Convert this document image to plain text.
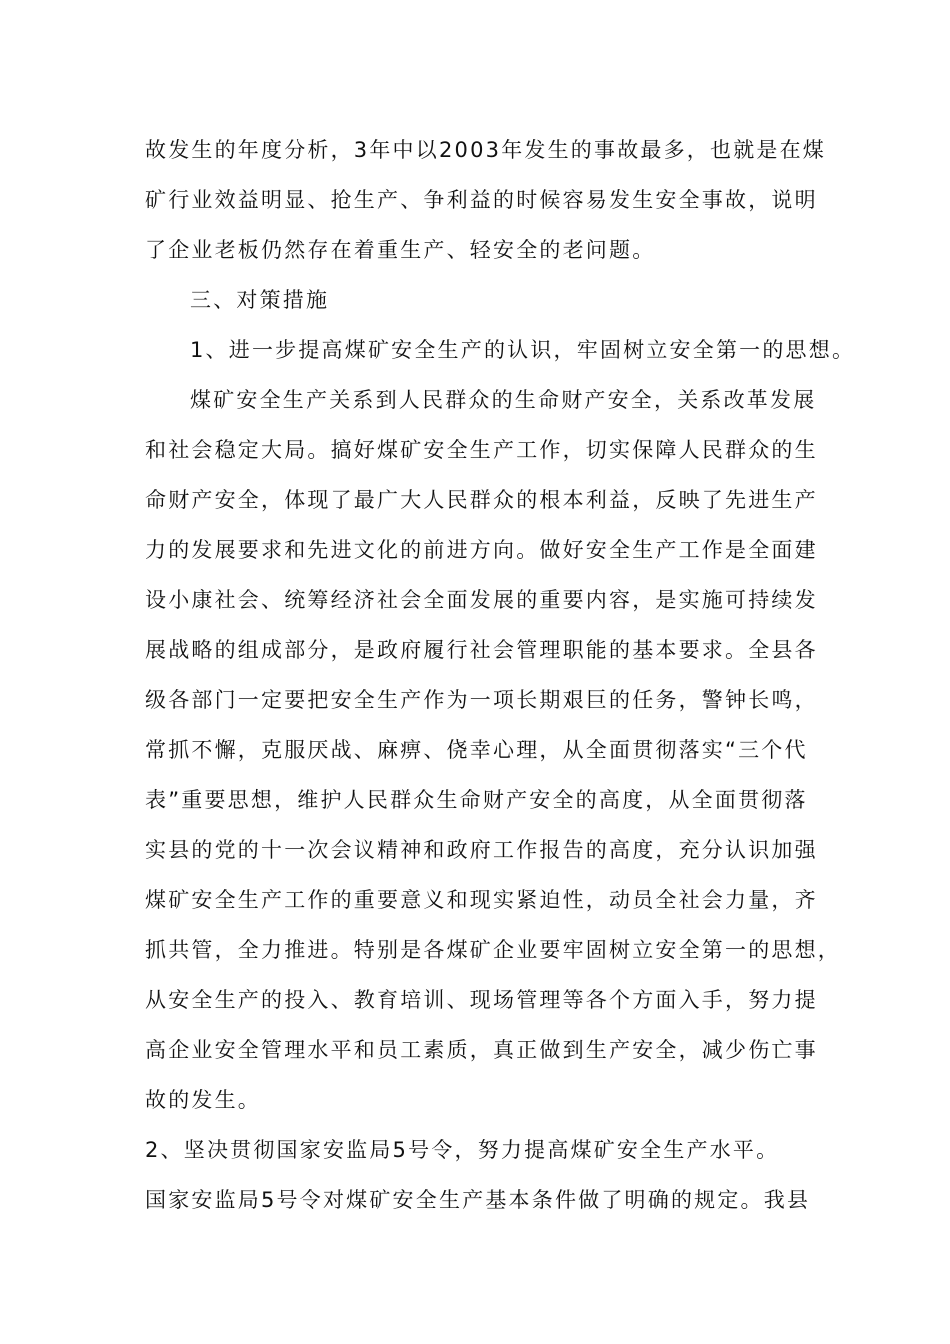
故发生的年度分析，3年中以2003年发生的事故最多，也就是在煤
矿行业效益明显、抢生产、争利益的时候容易发生安全事故，说明
了企业老板仍然存在着重生产、轻安全的老问题。
三、对策措施
1、进一步提高煤矿安全生产的认识，牢固树立安全第一的思想。
煤矿安全生产关系到人民群众的生命财产安全，关系改革发展
和社会稳定大局。搞好煤矿安全生产工作，切实保障人民群众的生
命财产安全，体现了最广大人民群众的根本利益，反映了先进生产
力的发展要求和先进文化的前进方向。做好安全生产工作是全面建
设小康社会、统筹经济社会全面发展的重要内容，是实施可持续发
展战略的组成部分，是政府履行社会管理职能的基本要求。全县各
级各部门一定要把安全生产作为一项长期艰巨的任务，警钟长鸣，
常抓不懈，克服厌战、麻痹、侥幸心理，从全面贯彻落实“三个代
表”重要思想，维护人民群众生命财产安全的高度，从全面贯彻落
实县的党的十一次会议精神和政府工作报告的高度，充分认识加强
煤矿安全生产工作的重要意义和现实紧迫性，动员全社会力量，齐
抓共管，全力推进。特别是各煤矿企业要牢固树立安全第一的思想，
从安全生产的投入、教育培训、现场管理等各个方面入手，努力提
高企业安全管理水平和员工素质，真正做到生产安全，减少伤亡事
故的发生。
2、坚决贯彻国家安监局5号令，努力提高煤矿安全生产水平。
国家安监局5号令对煤矿安全生产基本条件做了明确的规定。我县
